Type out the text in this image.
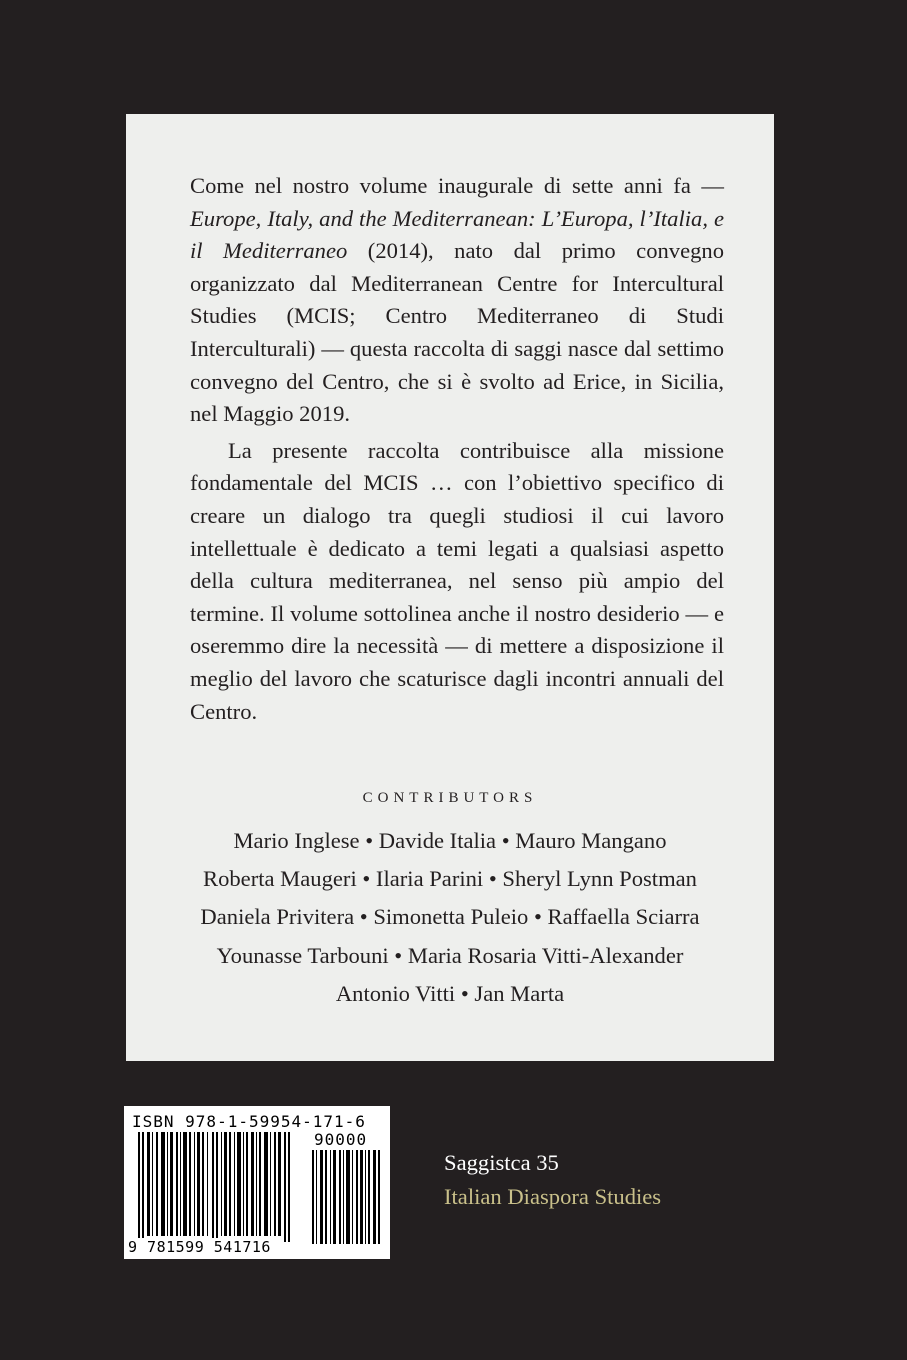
Come nel nostro volume inaugurale di sette anni fa — Europe, Italy, and the Mediterranean: L’Europa, l’Italia, e il Mediterraneo (2014), nato dal primo convegno organizzato dal Mediterranean Centre for Intercultural Studies (MCIS; Centro Mediterraneo di Studi Interculturali) — questa raccolta di saggi nasce dal settimo convegno del Centro, che si è svolto ad Erice, in Sicilia, nel Maggio 2019.

La presente raccolta contribuisce alla missione fondamentale del MCIS … con l’obiettivo specifico di creare un dialogo tra quegli studiosi il cui lavoro intellettuale è dedicato a temi legati a qualsiasi aspetto della cultura mediterranea, nel senso più ampio del termine. Il volume sottolinea anche il nostro desiderio — e oseremmo dire la necessità — di mettere a disposizione il meglio del lavoro che scaturisce dagli incontri annuali del Centro.

CONTRIBUTORS
Mario Inglese • Davide Italia • Mauro Mangano
Roberta Maugeri • Ilaria Parini • Sheryl Lynn Postman
Daniela Privitera • Simonetta Puleio • Raffaella Sciarra
Younasse Tarbouni • Maria Rosaria Vitti-Alexander
Antonio Vitti • Jan Marta
ISBN 978-1-59954-171-6
90000
9 781599 541716
Saggistca 35
Italian Diaspora Studies
